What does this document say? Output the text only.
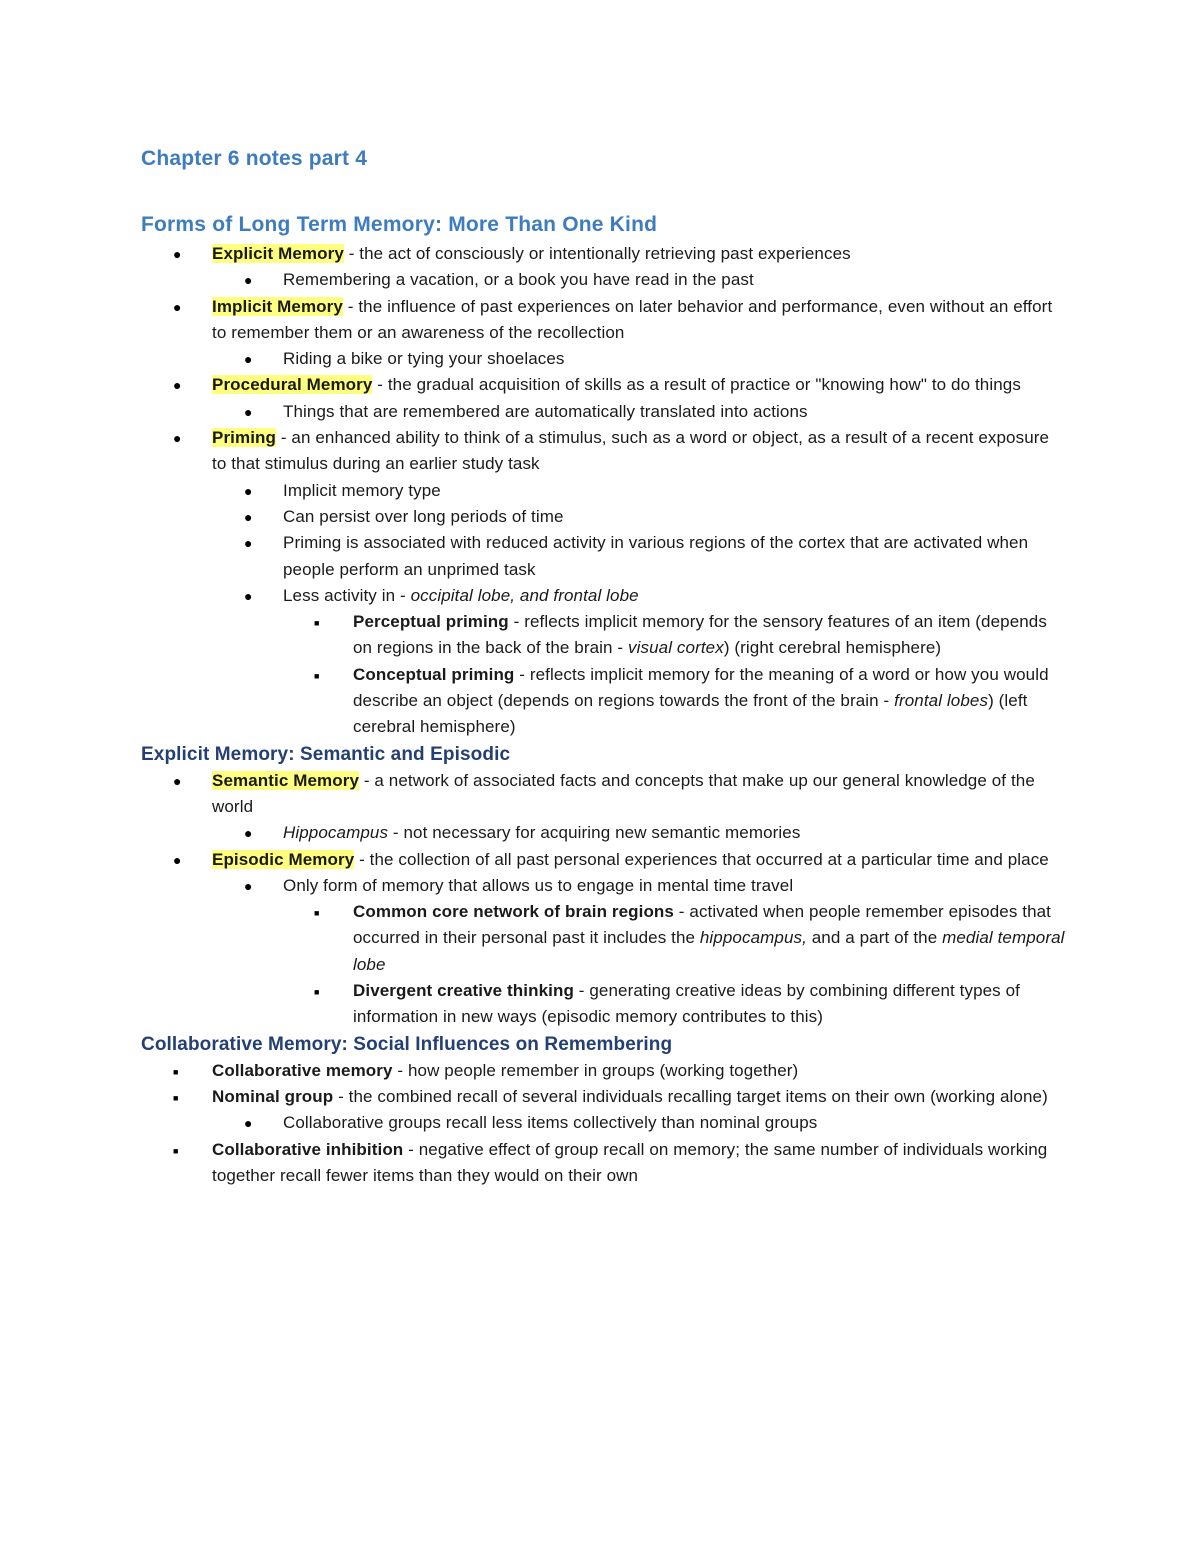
Chapter 6 notes part 4
Forms of Long Term Memory: More Than One Kind
● Explicit Memory - the act of consciously or intentionally retrieving past experiences
● Remembering a vacation, or a book you have read in the past
● Implicit Memory - the influence of past experiences on later behavior and performance, even without an effort to remember them or an awareness of the recollection
● Riding a bike or tying your shoelaces
● Procedural Memory - the gradual acquisition of skills as a result of practice or "knowing how" to do things
● Things that are remembered are automatically translated into actions
● Priming - an enhanced ability to think of a stimulus, such as a word or object, as a result of a recent exposure to that stimulus during an earlier study task
● Implicit memory type
● Can persist over long periods of time
● Priming is associated with reduced activity in various regions of the cortex that are activated when people perform an unprimed task
● Less activity in - occipital lobe, and frontal lobe
■ Perceptual priming - reflects implicit memory for the sensory features of an item (depends on regions in the back of the brain - visual cortex) (right cerebral hemisphere)
■ Conceptual priming - reflects implicit memory for the meaning of a word or how you would describe an object (depends on regions towards the front of the brain - frontal lobes) (left cerebral hemisphere)
Explicit Memory: Semantic and Episodic
● Semantic Memory - a network of associated facts and concepts that make up our general knowledge of the world
● Hippocampus - not necessary for acquiring new semantic memories
● Episodic Memory - the collection of all past personal experiences that occurred at a particular time and place
● Only form of memory that allows us to engage in mental time travel
■ Common core network of brain regions - activated when people remember episodes that occurred in their personal past it includes the hippocampus, and a part of the medial temporal lobe
■ Divergent creative thinking - generating creative ideas by combining different types of information in new ways (episodic memory contributes to this)
Collaborative Memory: Social Influences on Remembering
■ Collaborative memory - how people remember in groups (working together)
■ Nominal group - the combined recall of several individuals recalling target items on their own (working alone)
● Collaborative groups recall less items collectively than nominal groups
■ Collaborative inhibition - negative effect of group recall on memory; the same number of individuals working together recall fewer items than they would on their own
